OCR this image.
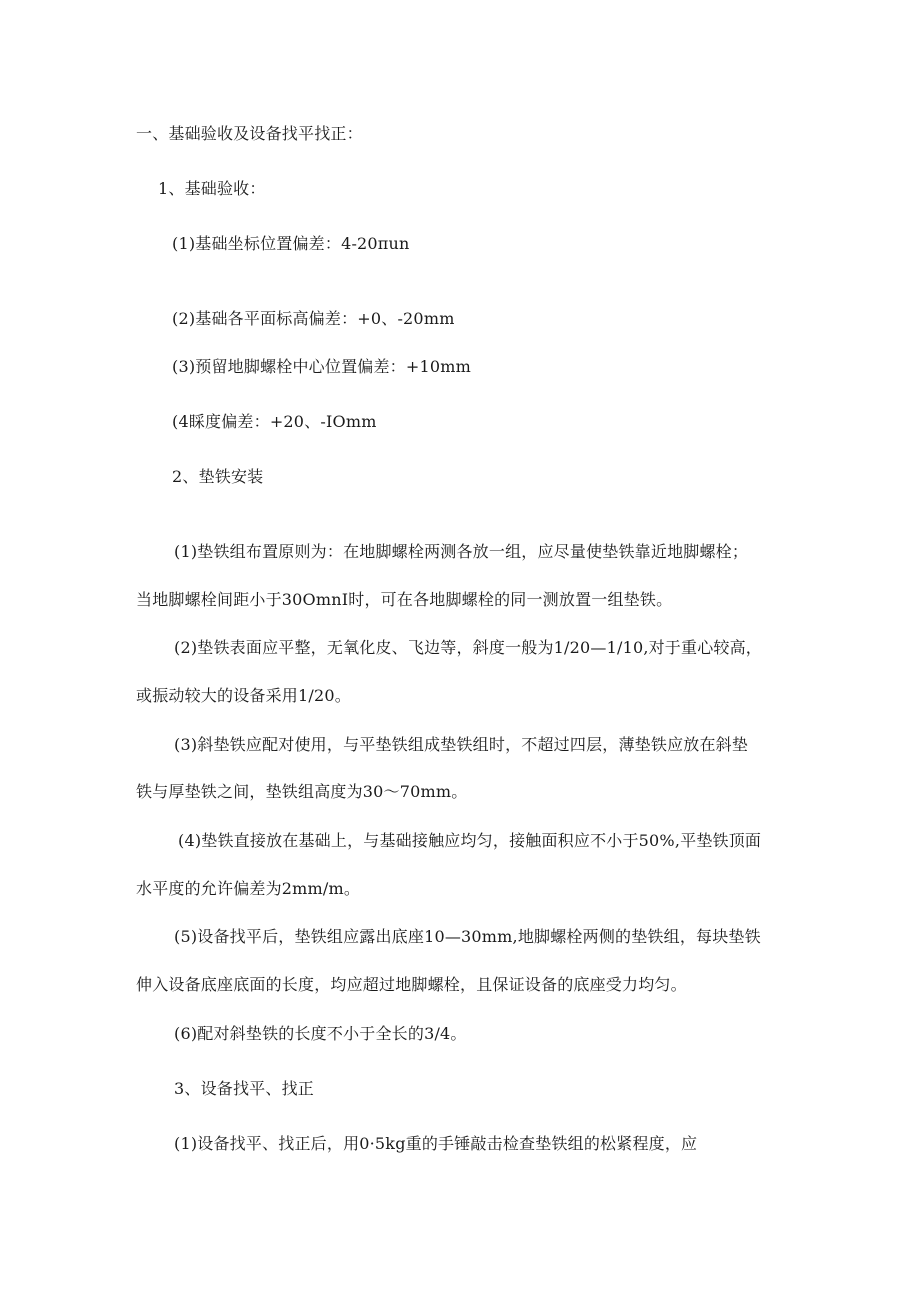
一、基础验收及设备找平找正：

1、基础验收：

(1)基础坐标位置偏差：4-20πun

(2)基础各平面标高偏差：+0、-20mm

(3)预留地脚螺栓中心位置偏差：+10mm

(4睬度偏差：+20、-IOmm

2、垫铁安装

(1)垫铁组布置原则为：在地脚螺栓两测各放一组，应尽量使垫铁靠近地脚螺栓；

当地脚螺栓间距小于30OmnI时，可在各地脚螺栓的同一测放置一组垫铁。

(2)垫铁表面应平整，无氧化皮、飞边等，斜度一般为1/20—1/10,对于重心较高，

或振动较大的设备采用1/20。

(3)斜垫铁应配对使用，与平垫铁组成垫铁组时，不超过四层，薄垫铁应放在斜垫

铁与厚垫铁之间，垫铁组高度为30～70mm。

(4)垫铁直接放在基础上，与基础接触应均匀，接触面积应不小于50%,平垫铁顶面

水平度的允许偏差为2mm∕m。

(5)设备找平后，垫铁组应露出底座10—30mm,地脚螺栓两侧的垫铁组，每块垫铁

伸入设备底座底面的长度，均应超过地脚螺栓，且保证设备的底座受力均匀。

(6)配对斜垫铁的长度不小于全长的3/4。

3、设备找平、找正

(1)设备找平、找正后，用0·5kg重的手锤敲击检查垫铁组的松紧程度，应
